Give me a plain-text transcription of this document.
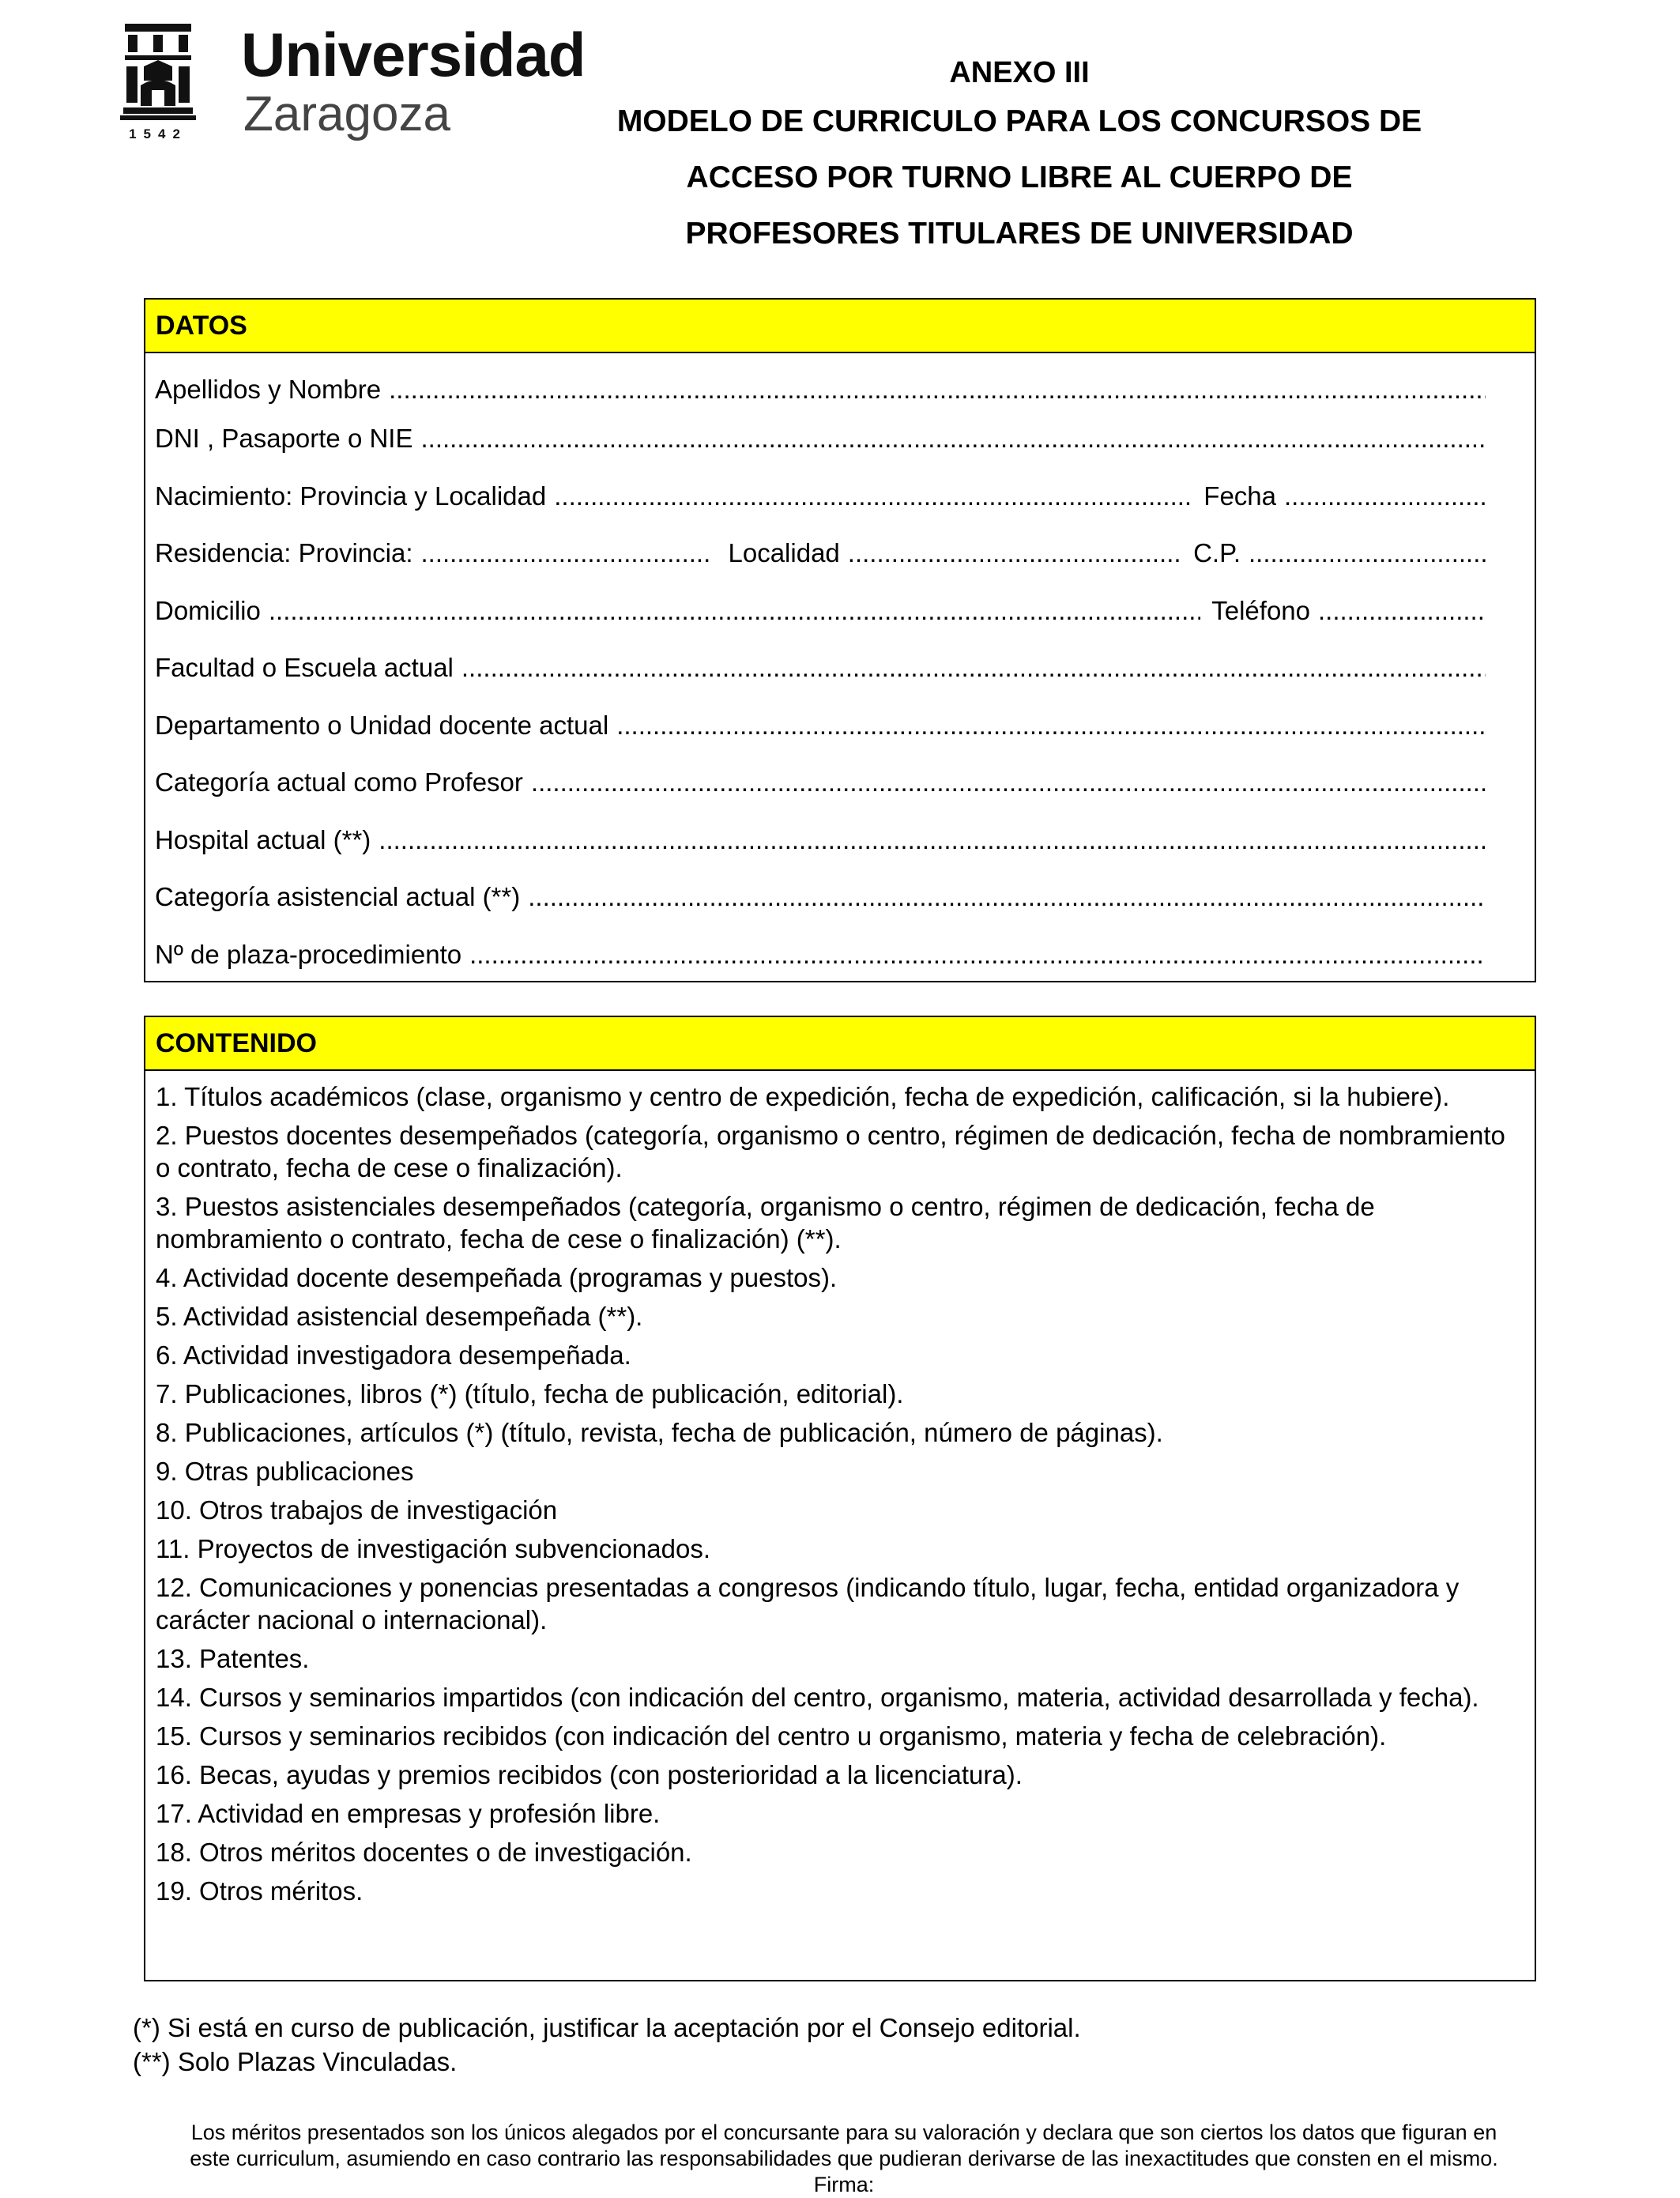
Universidad
Zaragoza
1542
ANEXO III
MODELO DE CURRICULO PARA LOS CONCURSOS DE
ACCESO POR TURNO LIBRE AL CUERPO DE
PROFESORES TITULARES DE UNIVERSIDAD
DATOS
Apellidos y Nombre
.....
DNI , Pasaporte o NIE
.....
Nacimiento: Provincia y Localidad .....	Fecha
.....
Residencia: Provincia: .....	Localidad .....	C.P.
.....
Domicilio .....	Teléfono
.....
Facultad o Escuela actual
.....
Departamento o Unidad docente actual
.....
Categoría actual como Profesor
.....
Hospital actual (**)
.....
Categoría asistencial actual (**)
.....
Nº de plaza-procedimiento
.....
CONTENIDO
1. Títulos académicos (clase, organismo y centro de expedición, fecha de expedición, calificación, si la hubiere).
2. Puestos docentes desempeñados (categoría, organismo o centro, régimen de dedicación, fecha de nombramiento o contrato, fecha de cese o finalización).
3. Puestos asistenciales desempeñados (categoría, organismo o centro, régimen de dedicación, fecha de nombramiento o contrato, fecha de cese o finalización) (**).
4. Actividad docente desempeñada (programas y puestos).
5. Actividad asistencial desempeñada (**).
6. Actividad investigadora desempeñada.
7. Publicaciones, libros (*) (título, fecha de publicación, editorial).
8. Publicaciones, artículos (*) (título, revista, fecha de publicación, número de páginas).
9. Otras publicaciones
10. Otros trabajos de investigación
11. Proyectos de investigación subvencionados.
12. Comunicaciones y ponencias presentadas a congresos (indicando título, lugar, fecha, entidad organizadora y carácter nacional o internacional).
13. Patentes.
14. Cursos y seminarios impartidos (con indicación del centro, organismo, materia, actividad desarrollada y fecha).
15. Cursos y seminarios recibidos (con indicación del centro u organismo, materia y fecha de celebración).
16. Becas, ayudas y premios recibidos (con posterioridad a la licenciatura).
17. Actividad en empresas y profesión libre.
18. Otros méritos docentes o de investigación.
19. Otros méritos.
(*) Si está en curso de publicación, justificar la aceptación por el Consejo editorial.
(**) Solo Plazas Vinculadas.
Los méritos presentados son los únicos alegados por el concursante para su valoración y declara que son ciertos los datos que figuran en
este curriculum, asumiendo en caso contrario las responsabilidades que pudieran derivarse de las inexactitudes que consten en el mismo.
Firma:
